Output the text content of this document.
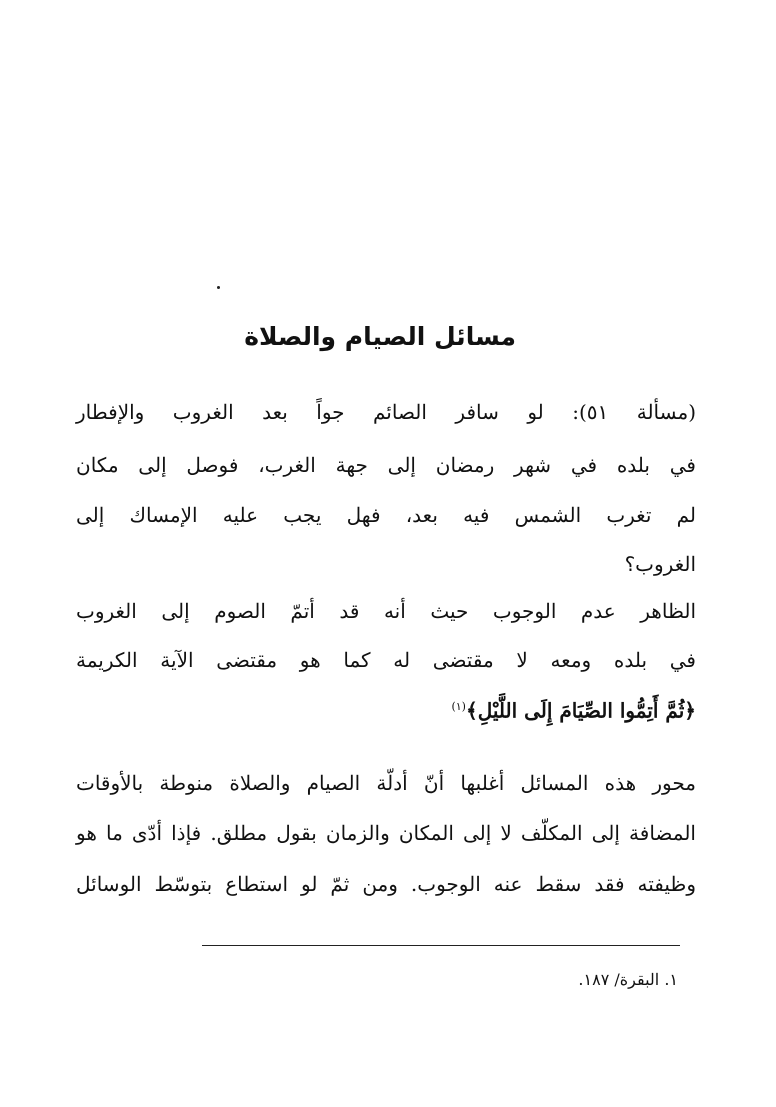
مسائل الصيام والصلاة
(مسألة ٥١): لو سافر الصائم جواً بعد الغروب والإفطار
في بلده في شهر رمضان إلى جهة الغرب، فوصل إلى مكان
لم تغرب الشمس فيه بعد، فهل يجب عليه الإمساك إلى
الغروب؟
الظاهر عدم الوجوب حيث أنه قد أتمّ الصوم إلى الغروب
في بلده ومعه لا مقتضى له كما هو مقتضى الآية الكريمة
﴿ثُمَّ أَتِمُّوا الصِّيَامَ إِلَى اللَّيْلِ﴾$^{(١)}$
محور هذه المسائل أغلبها أنّ أدلّة الصيام والصلاة منوطة بالأوقات
المضافة إلى المكلّف لا إلى المكان والزمان بقول مطلق. فإذا أدّى ما هو
وظيفته فقد سقط عنه الوجوب. ومن ثمّ لو استطاع بتوسّط الوسائل
١. البقرة/ ١٨٧.
